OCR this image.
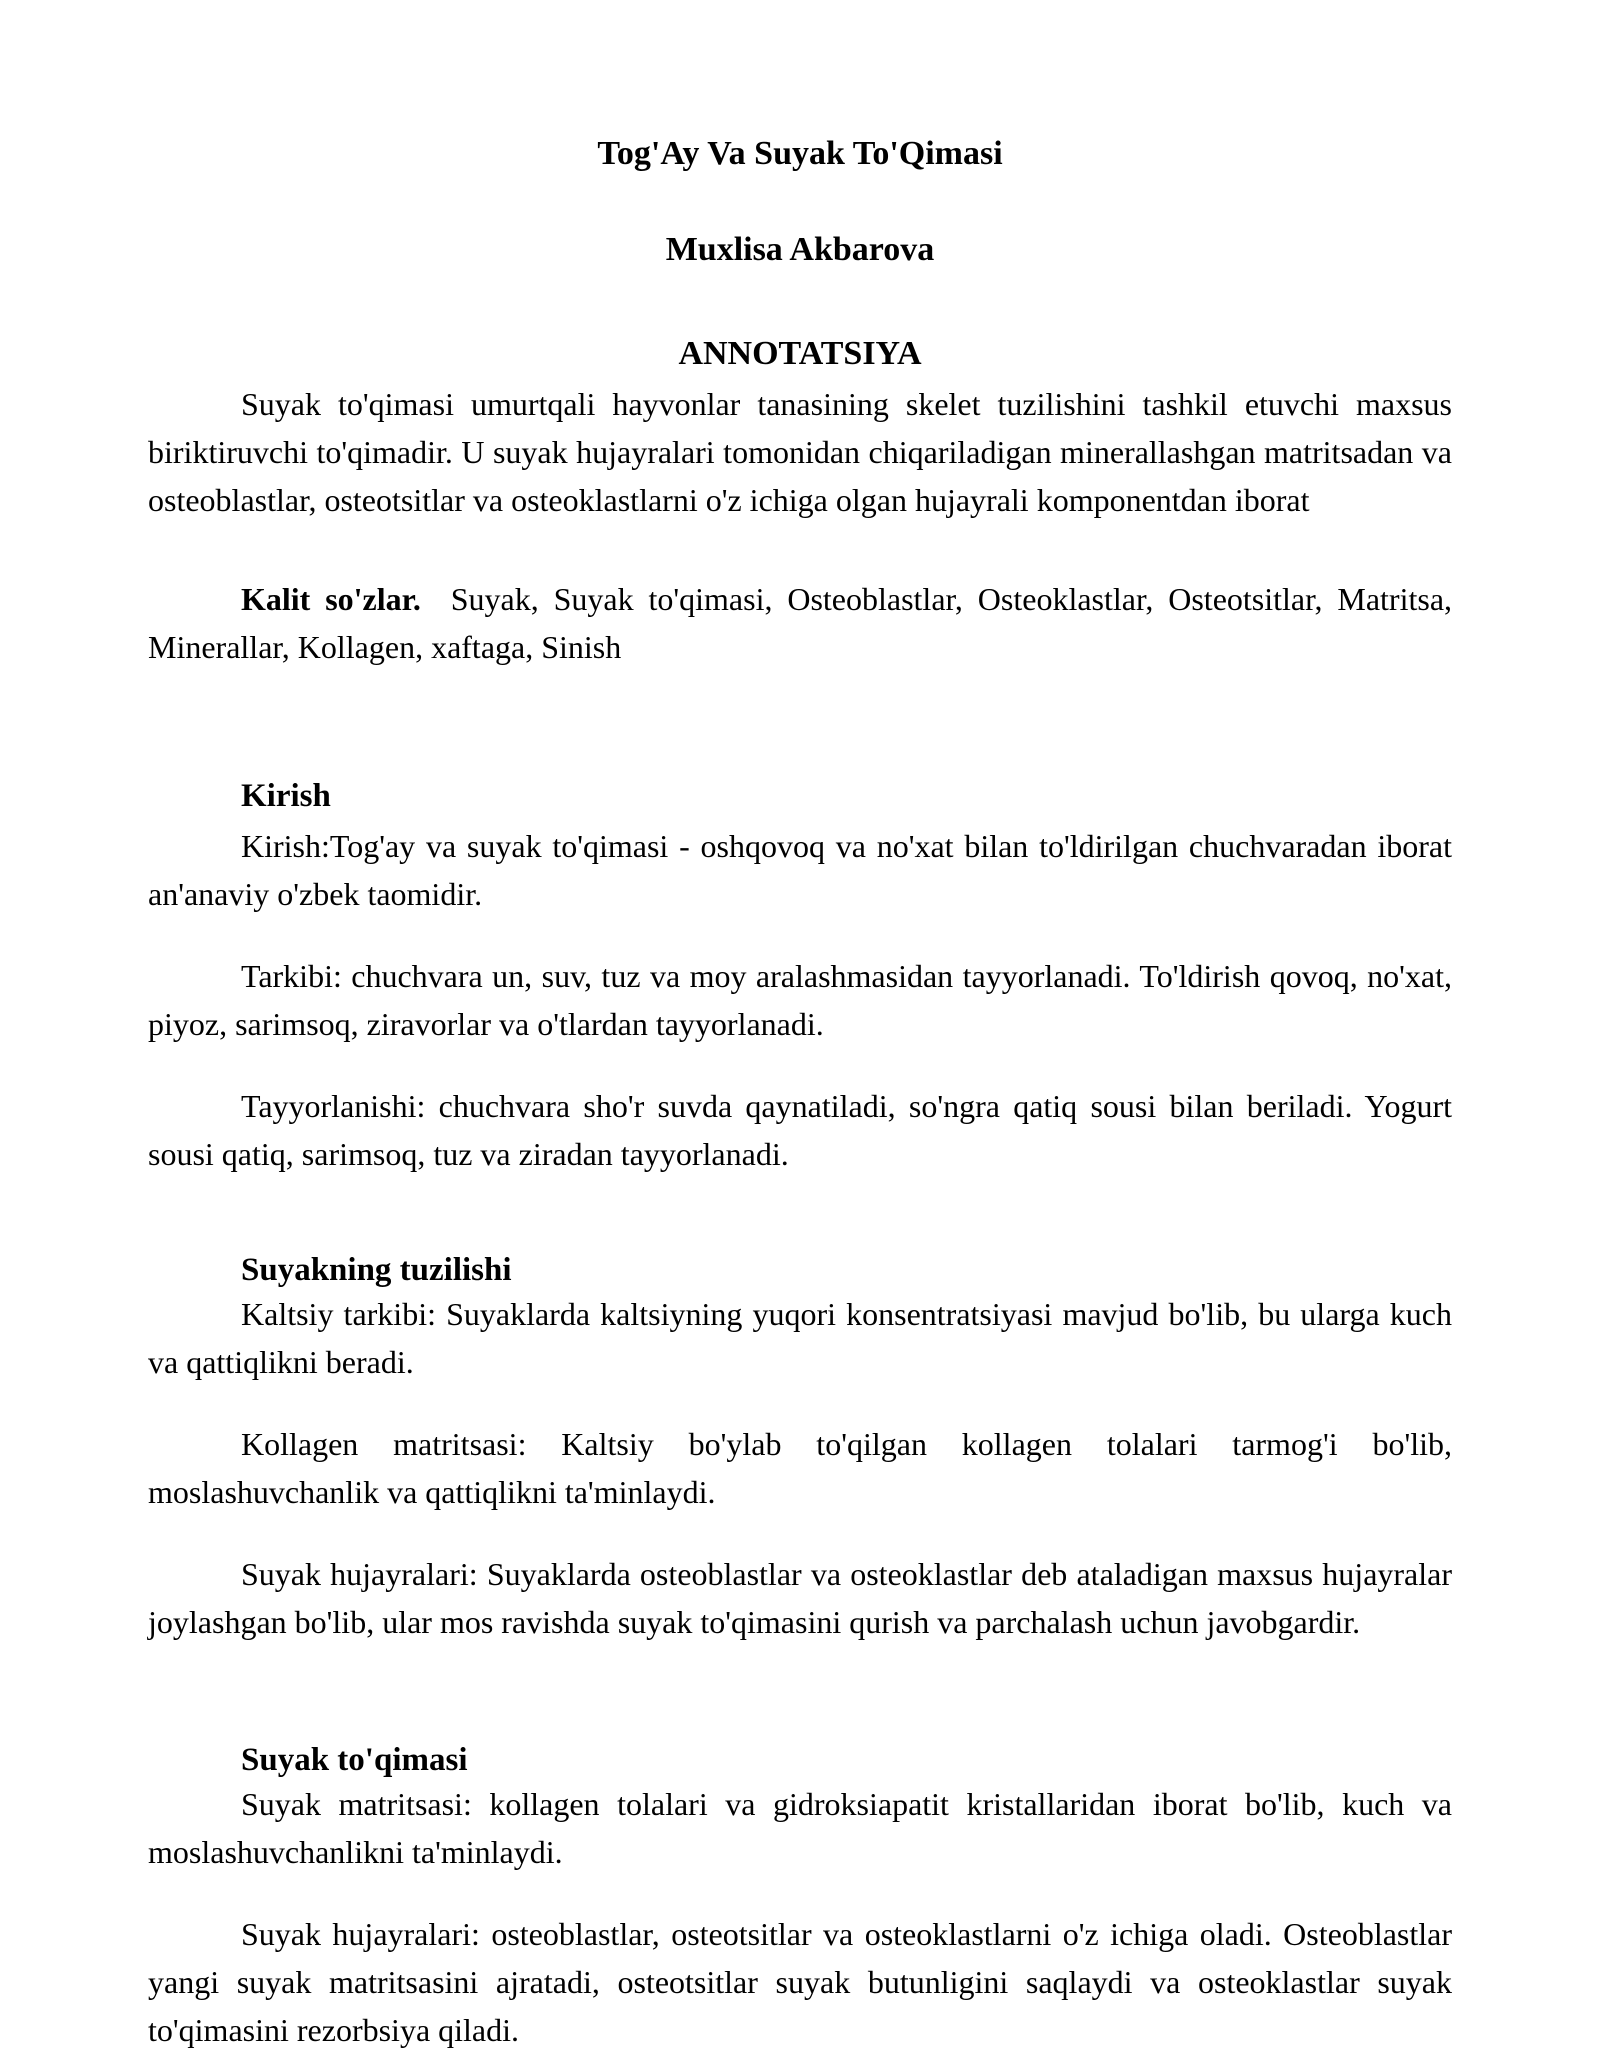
Tog'Ay Va Suyak To'Qimasi
Muxlisa Akbarova
ANNOTATSIYA

Suyak to'qimasi umurtqali hayvonlar tanasining skelet tuzilishini tashkil etuvchi maxsus biriktiruvchi to'qimadir. U suyak hujayralari tomonidan chiqariladigan minerallashgan matritsadan va osteoblastlar, osteotsitlar va osteoklastlarni o'z ichiga olgan hujayrali komponentdan iborat

Kalit so'zlar. Suyak, Suyak to'qimasi, Osteoblastlar, Osteoklastlar, Osteotsitlar, Matritsa, Minerallar, Kollagen, xaftaga, Sinish

Kirish

Kirish:Tog'ay va suyak to'qimasi - oshqovoq va no'xat bilan to'ldirilgan chuchvaradan iborat an'anaviy o'zbek taomidir.

Tarkibi: chuchvara un, suv, tuz va moy aralashmasidan tayyorlanadi. To'ldirish qovoq, no'xat, piyoz, sarimsoq, ziravorlar va o'tlardan tayyorlanadi.

Tayyorlanishi: chuchvara sho'r suvda qaynatiladi, so'ngra qatiq sousi bilan beriladi. Yogurt sousi qatiq, sarimsoq, tuz va ziradan tayyorlanadi.

Suyakning tuzilishi

Kaltsiy tarkibi: Suyaklarda kaltsiyning yuqori konsentratsiyasi mavjud bo'lib, bu ularga kuch va qattiqlikni beradi.

Kollagen matritsasi: Kaltsiy bo'ylab to'qilgan kollagen tolalari tarmog'i bo'lib, moslashuvchanlik va qattiqlikni ta'minlaydi.

Suyak hujayralari: Suyaklarda osteoblastlar va osteoklastlar deb ataladigan maxsus hujayralar joylashgan bo'lib, ular mos ravishda suyak to'qimasini qurish va parchalash uchun javobgardir.

Suyak to'qimasi

Suyak matritsasi: kollagen tolalari va gidroksiapatit kristallaridan iborat bo'lib, kuch va moslashuvchanlikni ta'minlaydi.

Suyak hujayralari: osteoblastlar, osteotsitlar va osteoklastlarni o'z ichiga oladi. Osteoblastlar yangi suyak matritsasini ajratadi, osteotsitlar suyak butunligini saqlaydi va osteoklastlar suyak to'qimasini rezorbsiya qiladi.
